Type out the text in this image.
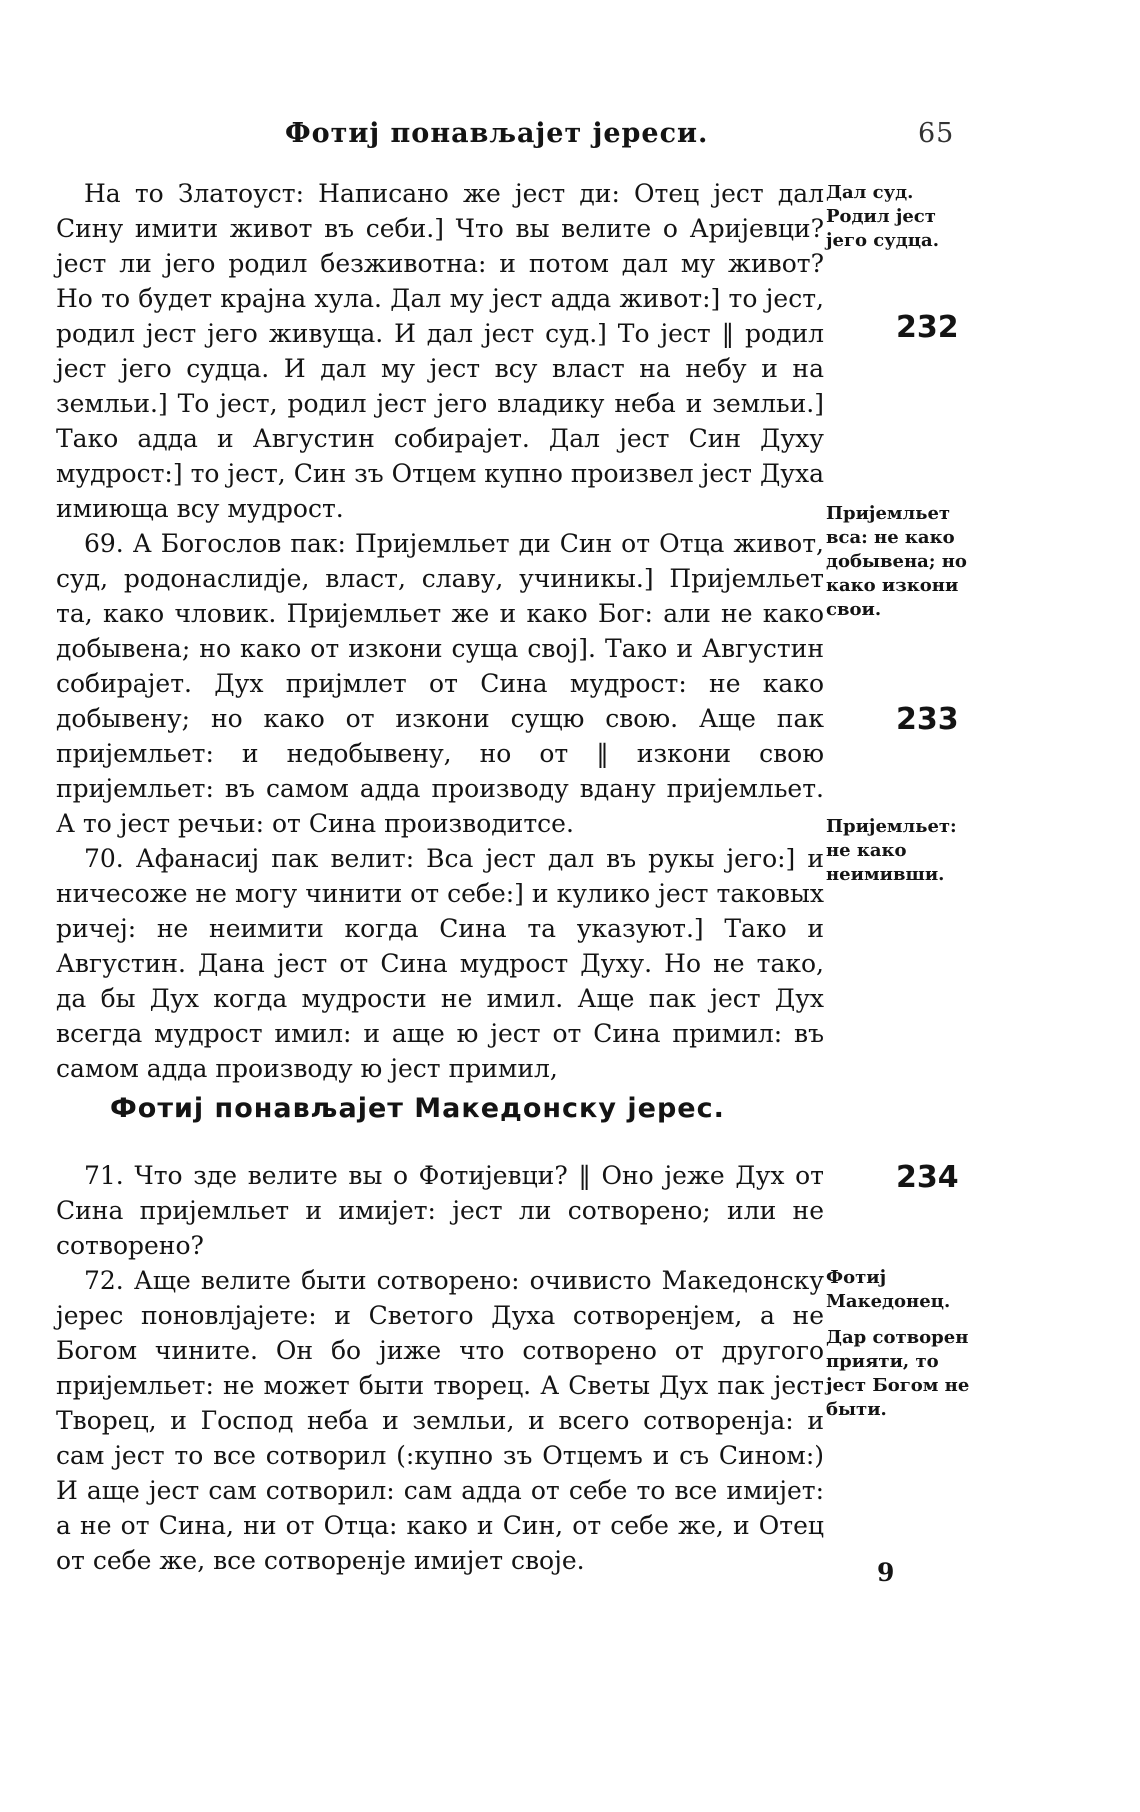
Фотиј понављајет јереси.	65

На то Златоуст: Написано же јест ди: Отец јест дал Сину имити живот въ себи.] Что вы велите о Аријевци? јест ли јего родил безживотна: и потом дал му живот? Но то будет крајна хула. Дал му јест адда живот:] то јест, родил јест јего живуща. И дал јест суд.] То јест ‖ родил јест јего судца. И дал му јест всу власт на небу и на земльи.] То јест, родил јест јего владику неба и земльи.] Тако адда и Августин собирајет. Дал јест Син Духу мудрост:] то јест, Син зъ Отцем купно произвел јест Духа имиюща всу мудрост.

69. А Богослов пак: Пријемльет ди Син от Отца живот, суд, родонаслидје, власт, славу, учиникы.] Пријемльет та, како чловик. Пријемльет же и како Бог: али не како добывена; но како от изкони суща свој]. Тако и Августин собирајет. Дух пријмлет от Сина мудрост: не како добывену; но како от изкони сущю свою. Аще пак пријемльет: и недобывену, но от ‖ изкони свою пријемльет: въ самом адда производу вдану пријемльет. А то јест речьи: от Сина производитсе.

70. Афанасиј пак велит: Вса јест дал въ рукы јего:] и ничесоже не могу чинити от себе:] и кулико јест таковых ричеј: не неимити когда Сина та указуют.] Тако и Августин. Дана јест от Сина мудрост Духу. Но не тако, да бы Дух когда мудрости не имил. Аще пак јест Дух всегда мудрост имил: и аще ю јест от Сина примил: въ самом адда производу ю јест примил,

Фотиј понављајет Македонску јерес.

71. Что зде велите вы о Фотијевци? ‖ Оно јеже Дух от Сина пријемльет и имијет: јест ли сотворено; или не сотворено?

72. Аще велите быти сотворено: очивисто Македонску јерес поновлјајете: и Светого Духа сотворенјем, а не Богом чините. Он бо јиже что сотворено от другого пријемльет: не может быти творец. А Светы Дух пак јест Творец, и Господ неба и земльи, и всего сотворенја: и сам јест то все сотворил (:купно зъ Отцемъ и съ Сином:) И аще јест сам сотворил: сам адда от себе то все имијет: а не от Сина, ни от Отца: како и Син, от себе же, и Отец от себе же, все сотворенје имијет своје.

Дал суд. Родил јест јего судца.
Пријемльет вса: не како добывена; но како изкони свои.
Пријемльет: не како неимивши.
Фотиј Македонец.
Дар сотворен прияти, то јест Богом не быти.
232
233
234
9
